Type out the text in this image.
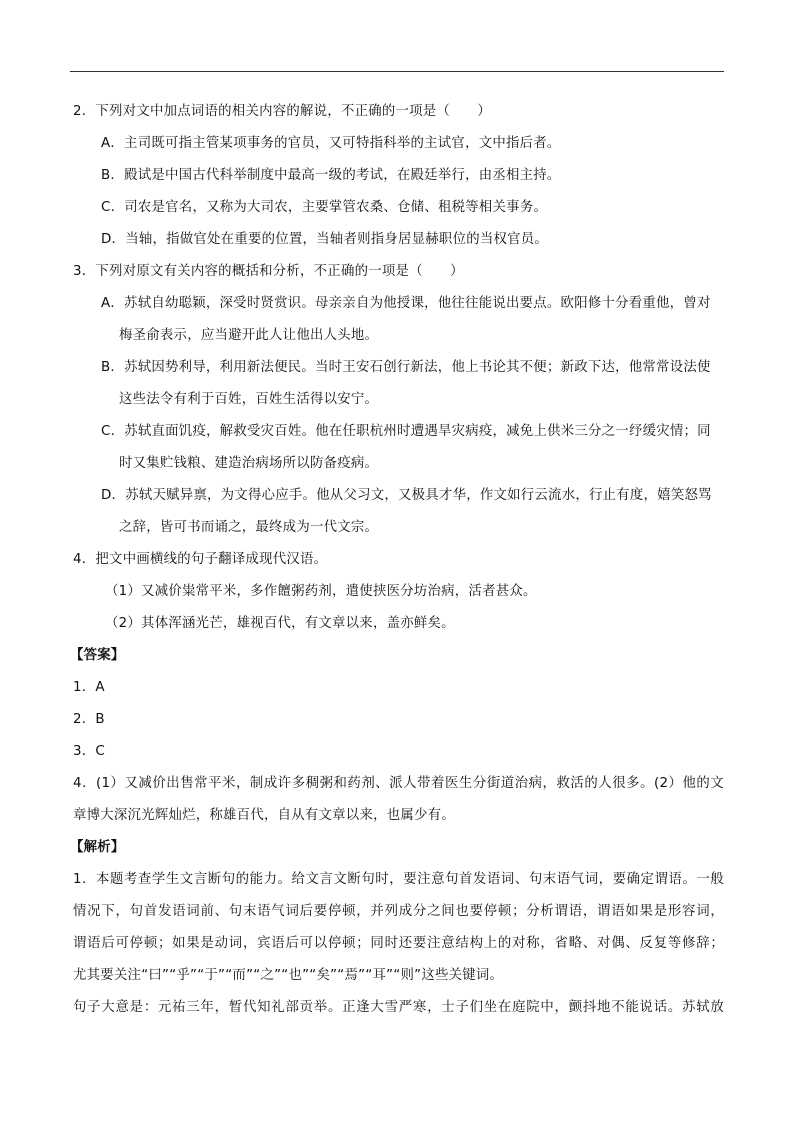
2．下列对文中加点词语的相关内容的解说，不正确的一项是（　　）
A．主司既可指主管某项事务的官员，又可特指科举的主试官，文中指后者。
B．殿试是中国古代科举制度中最高一级的考试，在殿廷举行，由丞相主持。
C．司农是官名，又称为大司农，主要掌管农桑、仓储、租税等相关事务。
D．当轴，指做官处在重要的位置，当轴者则指身居显赫职位的当权官员。
3．下列对原文有关内容的概括和分析，不正确的一项是（　　）
A．苏轼自幼聪颖，深受时贤赏识。母亲亲自为他授课，他往往能说出要点。欧阳修十分看重他，曾对
梅圣俞表示，应当避开此人让他出人头地。
B．苏轼因势利导，利用新法便民。当时王安石创行新法，他上书论其不便；新政下达，他常常设法使
这些法令有利于百姓，百姓生活得以安宁。
C．苏轼直面饥疫，解救受灾百姓。他在任职杭州时遭遇旱灾病疫，减免上供米三分之一纾缓灾情；同
时又集贮钱粮、建造治病场所以防备疫病。
D．苏轼天赋异禀，为文得心应手。他从父习文，又极具才华，作文如行云流水，行止有度，嬉笑怒骂
之辞，皆可书而诵之，最终成为一代文宗。
4．把文中画横线的句子翻译成现代汉语。
（1）又减价粜常平米，多作饘粥药剂，遣使挟医分坊治病，活者甚众。
（2）其体浑涵光芒，雄视百代，有文章以来，盖亦鲜矣。
【答案】
1．A
2．B
3．C
4．(1）又减价出售常平米，制成许多稠粥和药剂、派人带着医生分街道治病，救活的人很多。(2）他的文
章博大深沉光辉灿烂，称雄百代，自从有文章以来，也属少有。
【解析】
1．本题考查学生文言断句的能力。给文言文断句时，要注意句首发语词、句末语气词，要确定谓语。一般
情况下，句首发语词前、句末语气词后要停顿，并列成分之间也要停顿；分析谓语，谓语如果是形容词，
谓语后可停顿；如果是动词，宾语后可以停顿；同时还要注意结构上的对称，省略、对偶、反复等修辞；
尤其要关注“曰”“乎”“于”“而”“之”“也”“矣”“焉”“耳”“则”这些关键词。
句子大意是：元祐三年，暂代知礼部贡举。正逢大雪严寒，士子们坐在庭院中，颤抖地不能说话。苏轼放
